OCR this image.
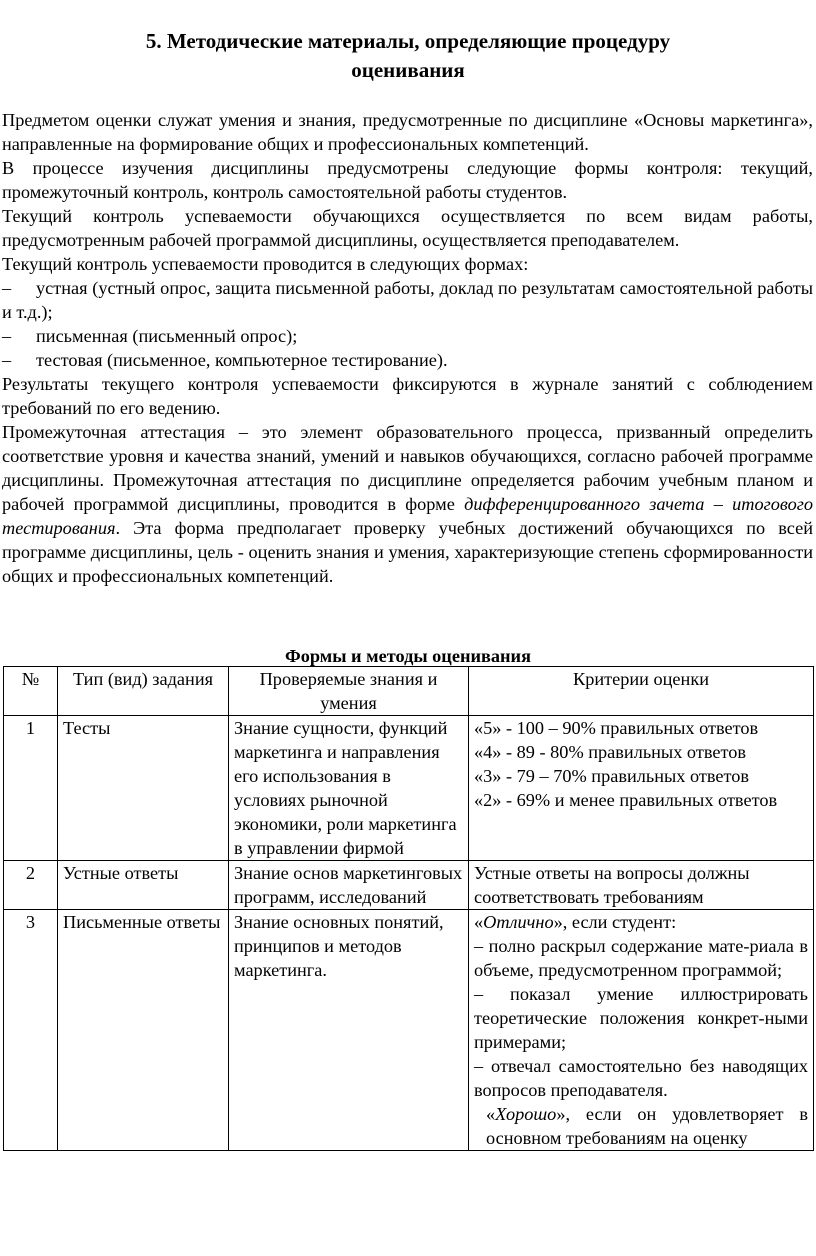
5. Методические материалы, определяющие процедуру
оценивания

Предметом оценки служат умения и знания, предусмотренные по дисциплине «Основы маркетинга», направленные на формирование общих и профессиональных компетенций.

В процессе изучения дисциплины предусмотрены следующие формы контроля: текущий, промежуточный контроль, контроль самостоятельной работы студентов.

Текущий контроль успеваемости обучающихся осуществляется по всем видам работы, предусмотренным рабочей программой дисциплины, осуществляется преподавателем.

Текущий контроль успеваемости проводится в следующих формах:

– устная (устный опрос, защита письменной работы, доклад по результатам самостоятельной работы и т.д.);

– письменная (письменный опрос);

– тестовая (письменное, компьютерное тестирование).

Результаты текущего контроля успеваемости фиксируются в журнале занятий с соблюдением требований по его ведению.

Промежуточная аттестация – это элемент образовательного процесса, призванный определить соответствие уровня и качества знаний, умений и навыков обучающихся, согласно рабочей программе дисциплины. Промежуточная аттестация по дисциплине определяется рабочим учебным планом и рабочей программой дисциплины, проводится в форме дифференцированного зачета – итогового тестирования. Эта форма предполагает проверку учебных достижений обучающихся по всей программе дисциплины, цель - оценить знания и умения, характеризующие степень сформированности общих и профессиональных компетенций.

Формы и методы оценивания
№	Тип (вид) задания	Проверяемые знания и умения	Критерии оценки
1	Тесты	Знание сущности, функций маркетинга и направления его использования в условиях рыночной экономики, роли маркетинга в управлении фирмой	«5» - 100 – 90% правильных ответов
«4» - 89 - 80% правильных ответов
«3» - 79 – 70% правильных ответов
«2» - 69% и менее правильных ответов

2	Устные ответы	Знание основ маркетинговых программ, исследований	Устные ответы на вопросы должны соответствовать требованиям
3	Письменные ответы	Знание основных понятий, принципов и методов маркетинга.	«Отлично», если студент:
– полно раскрыл содержание мате-риала в объеме, предусмотренном программой;
– показал умение иллюстрировать теоретические положения конкрет-ными примерами;
– отвечал самостоятельно без наводящих вопросов преподавателя.
«Хорошо», если он удовлетворяет в основном требованиям на оценку
